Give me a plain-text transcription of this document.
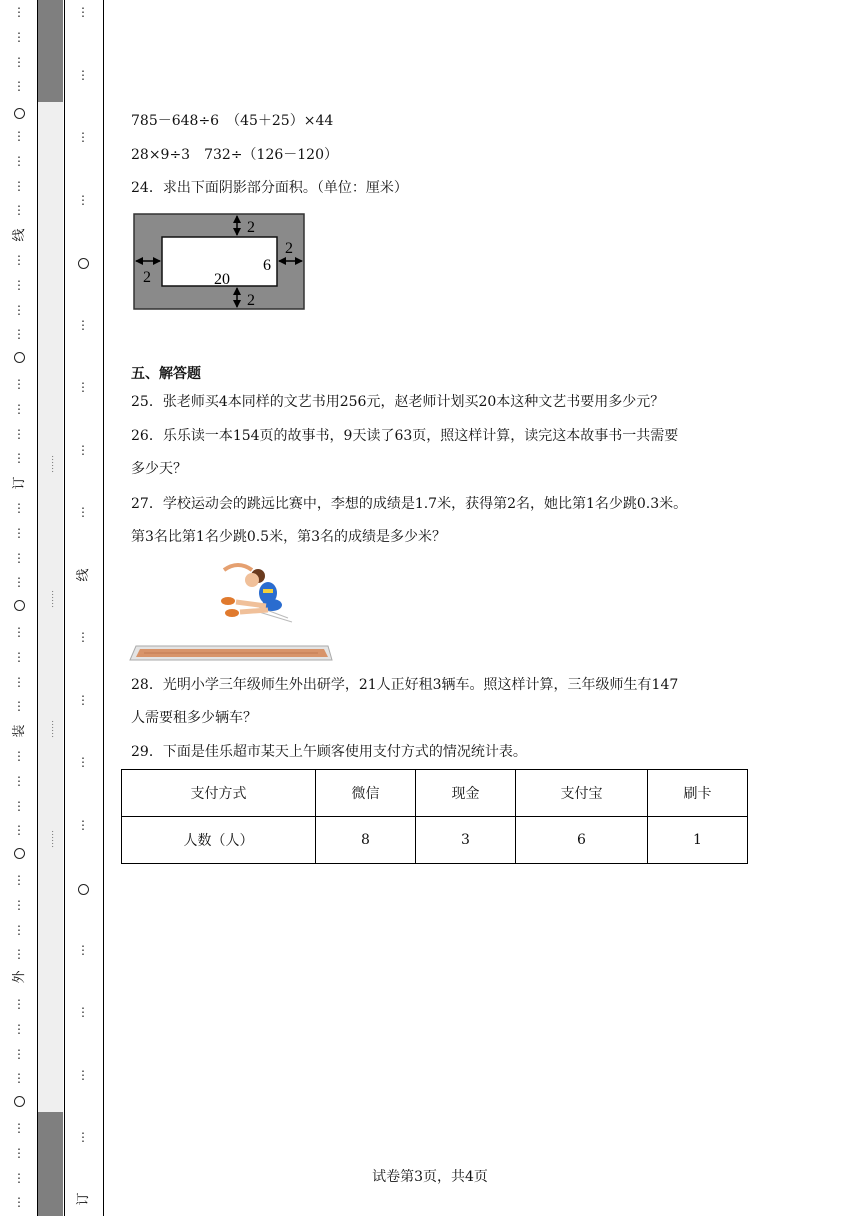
线
订
装
外
线
订
……
……
……
……
785－648÷6　（45＋25）×44
28×9÷3　732÷（126－120）
24．求出下面阴影部分面积。（单位：厘米）
2
2
2
2
20
6
五、解答题
25．张老师买4本同样的文艺书用256元，赵老师计划买20本这种文艺书要用多少元？
26．乐乐读一本154页的故事书，9天读了63页，照这样计算，读完这本故事书一共需要
多少天？
27．学校运动会的跳远比赛中，李想的成绩是1.7米，获得第2名，她比第1名少跳0.3米。
第3名比第1名少跳0.5米，第3名的成绩是多少米？
28．光明小学三年级师生外出研学，21人正好租3辆车。照这样计算，三年级师生有147
人需要租多少辆车？
29．下面是佳乐超市某天上午顾客使用支付方式的情况统计表。
支付方式	微信	现金	支付宝	刷卡
人数（人）	8	3	6	1
试卷第3页，共4页
⋮
⋮
⋮
⋮
⋮
⋮
⋮
⋮
⋮
⋮
⋮
⋮
⋮
⋮
⋮
⋮
⋮
⋮
⋮
⋮
⋮
⋮
⋮
⋮
⋮
⋮
⋮
⋮
⋮
⋮
⋮
⋮
⋮
⋮
⋮
⋮
⋮
⋮
⋮
⋮
⋮
⋮
⋮
⋮
⋮
⋮
⋮
⋮
⋮
⋮
⋮
⋮
⋮
⋮
⋮
⋮
